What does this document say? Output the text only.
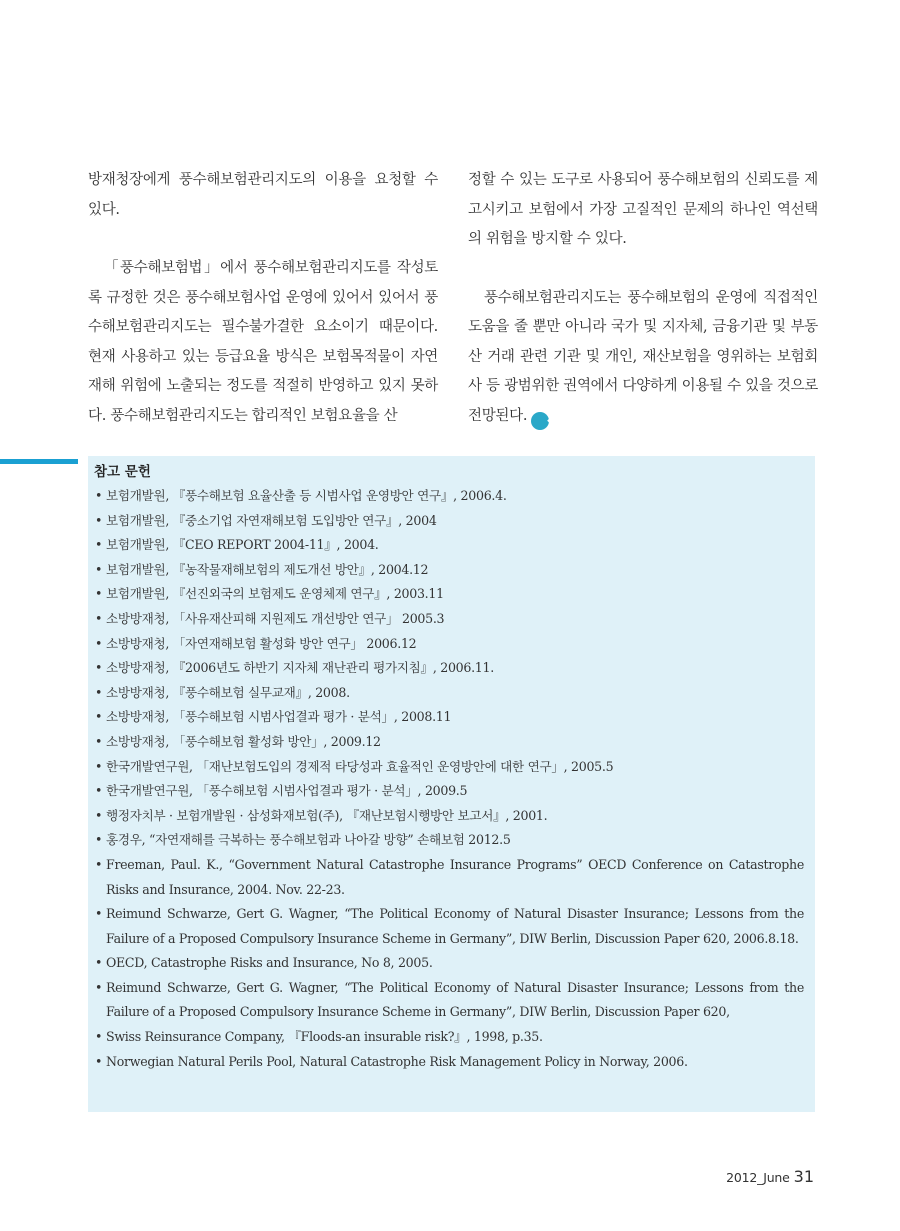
방재청장에게 풍수해보험관리지도의 이용을 요청할 수 있다.

「풍수해보험법」에서 풍수해보험관리지도를 작성토록 규정한 것은 풍수해보험사업 운영에 있어서 있어서 풍수해보험관리지도는 필수불가결한 요소이기 때문이다. 현재 사용하고 있는 등급요율 방식은 보험목적물이 자연재해 위험에 노출되는 정도를 적절히 반영하고 있지 못하다. 풍수해보험관리지도는 합리적인 보험요율을 산

정할 수 있는 도구로 사용되어 풍수해보험의 신뢰도를 제고시키고 보험에서 가장 고질적인 문제의 하나인 역선택의 위험을 방지할 수 있다.

풍수해보험관리지도는 풍수해보험의 운영에 직접적인 도움을 줄 뿐만 아니라 국가 및 지자체, 금융기관 및 부동산 거래 관련 기관 및 개인, 재산보험을 영위하는 보험회사 등 광범위한 권역에서 다양하게 이용될 수 있을 것으로 전망된다. ◆

참고 문헌
• 보험개발원, 『풍수해보험 요율산출 등 시범사업 운영방안 연구』, 2006.4.
• 보험개발원, 『중소기업 자연재해보험 도입방안 연구』, 2004
• 보험개발원, 『CEO REPORT 2004-11』, 2004.
• 보험개발원, 『농작물재해보험의 제도개선 방안』, 2004.12
• 보험개발원, 『선진외국의 보험제도 운영체제 연구』, 2003.11
• 소방방재청, 「사유재산피해 지원제도 개선방안 연구」 2005.3
• 소방방재청, 「자연재해보험 활성화 방안 연구」 2006.12
• 소방방재청, 『2006년도 하반기 지자체 재난관리 평가지침』, 2006.11.
• 소방방재청, 『풍수해보험 실무교재』, 2008.
• 소방방재청, 「풍수해보험 시범사업결과 평가 · 분석」, 2008.11
• 소방방재청, 「풍수해보험 활성화 방안」, 2009.12
• 한국개발연구원, 「재난보험도입의 경제적 타당성과 효율적인 운영방안에 대한 연구」, 2005.5
• 한국개발연구원, 「풍수해보험 시범사업결과 평가 · 분석」, 2009.5
• 행정자치부 · 보험개발원 · 삼성화재보험(주), 『재난보험시행방안 보고서』, 2001.
• 홍경우, “자연재해를 극복하는 풍수해보험과 나아갈 방향” 손해보험 2012.5
• Freeman, Paul. K., “Government Natural Catastrophe Insurance Programs” OECD Conference on Catastrophe Risks and Insurance, 2004. Nov. 22-23.
• Reimund Schwarze, Gert G. Wagner, “The Political Economy of Natural Disaster Insurance; Lessons from the Failure of a Proposed Compulsory Insurance Scheme in Germany”, DIW Berlin, Discussion Paper 620, 2006.8.18.
• OECD, Catastrophe Risks and Insurance, No 8, 2005.
• Reimund Schwarze, Gert G. Wagner, “The Political Economy of Natural Disaster Insurance; Lessons from the Failure of a Proposed Compulsory Insurance Scheme in Germany”, DIW Berlin, Discussion Paper 620,
• Swiss Reinsurance Company, 『Floods-an insurable risk?』, 1998, p.35.
• Norwegian Natural Perils Pool, Natural Catastrophe Risk Management Policy in Norway, 2006.
2012_June 31
